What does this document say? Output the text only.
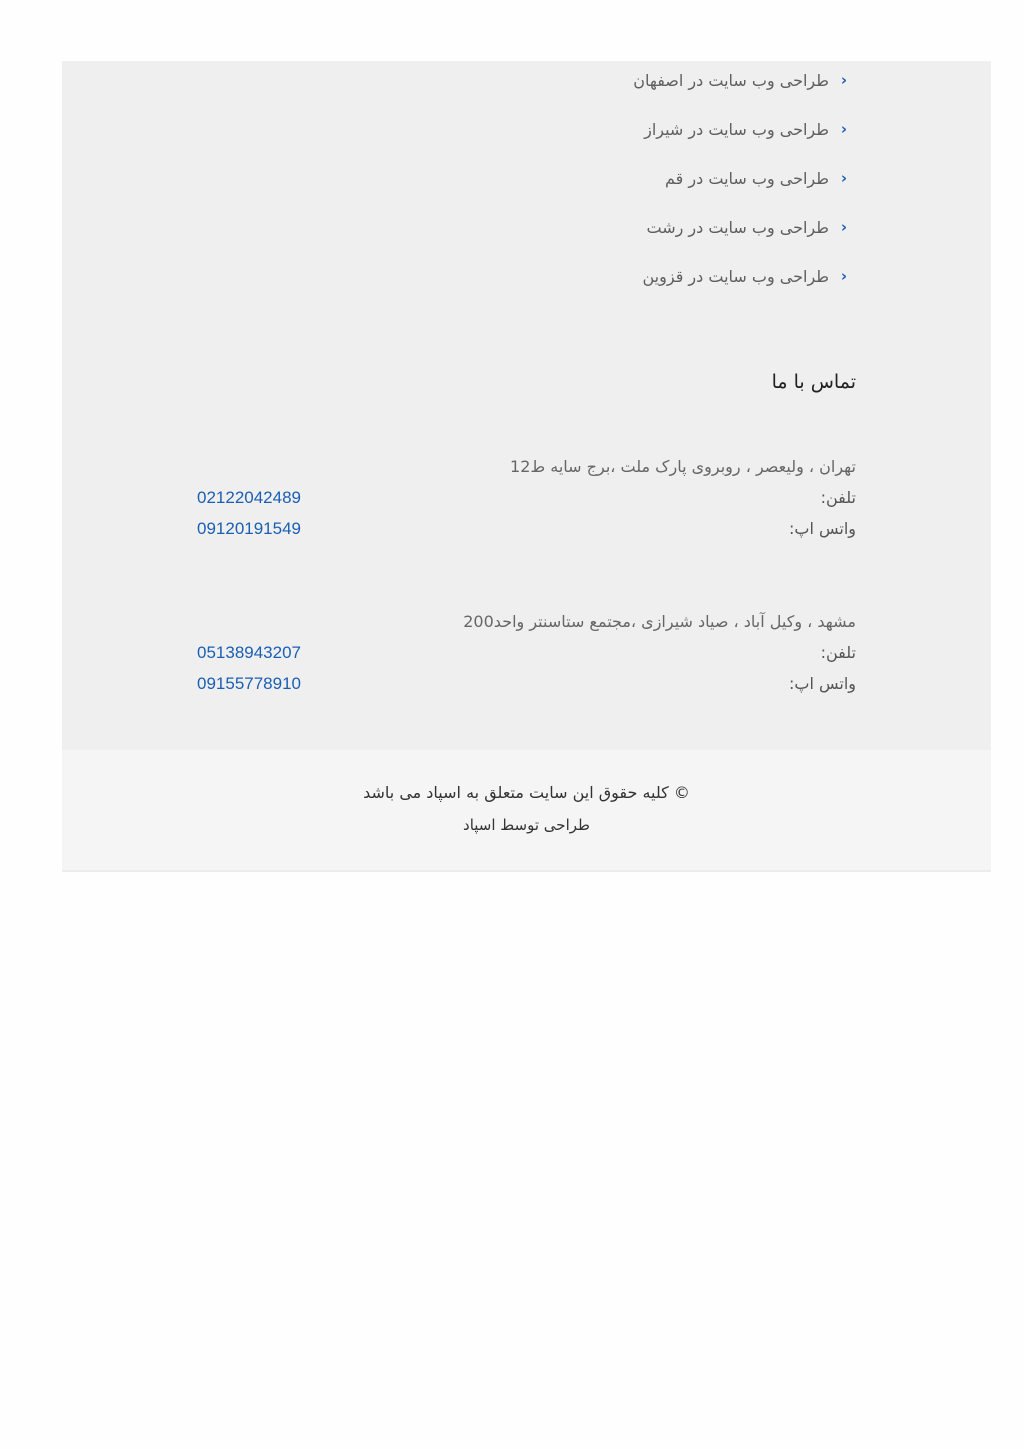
‹طراحی وب سایت در اصفهان
‹طراحی وب سایت در شیراز
‹طراحی وب سایت در قم
‹طراحی وب سایت در رشت
‹طراحی وب سایت در قزوین
تماس با ما
تهران ، ولیعصر ، روبروی پارک ملت ،برج سایه ط12
تلفن:
02122042489
واتس اپ:
09120191549
مشهد ، وکیل آباد ، صیاد شیرازی ،مجتمع ستاسنتر واحد200
تلفن:
05138943207
واتس اپ:
09155778910
© کلیه حقوق این سایت متعلق به اسپاد می باشد
طراحی توسط اسپاد
